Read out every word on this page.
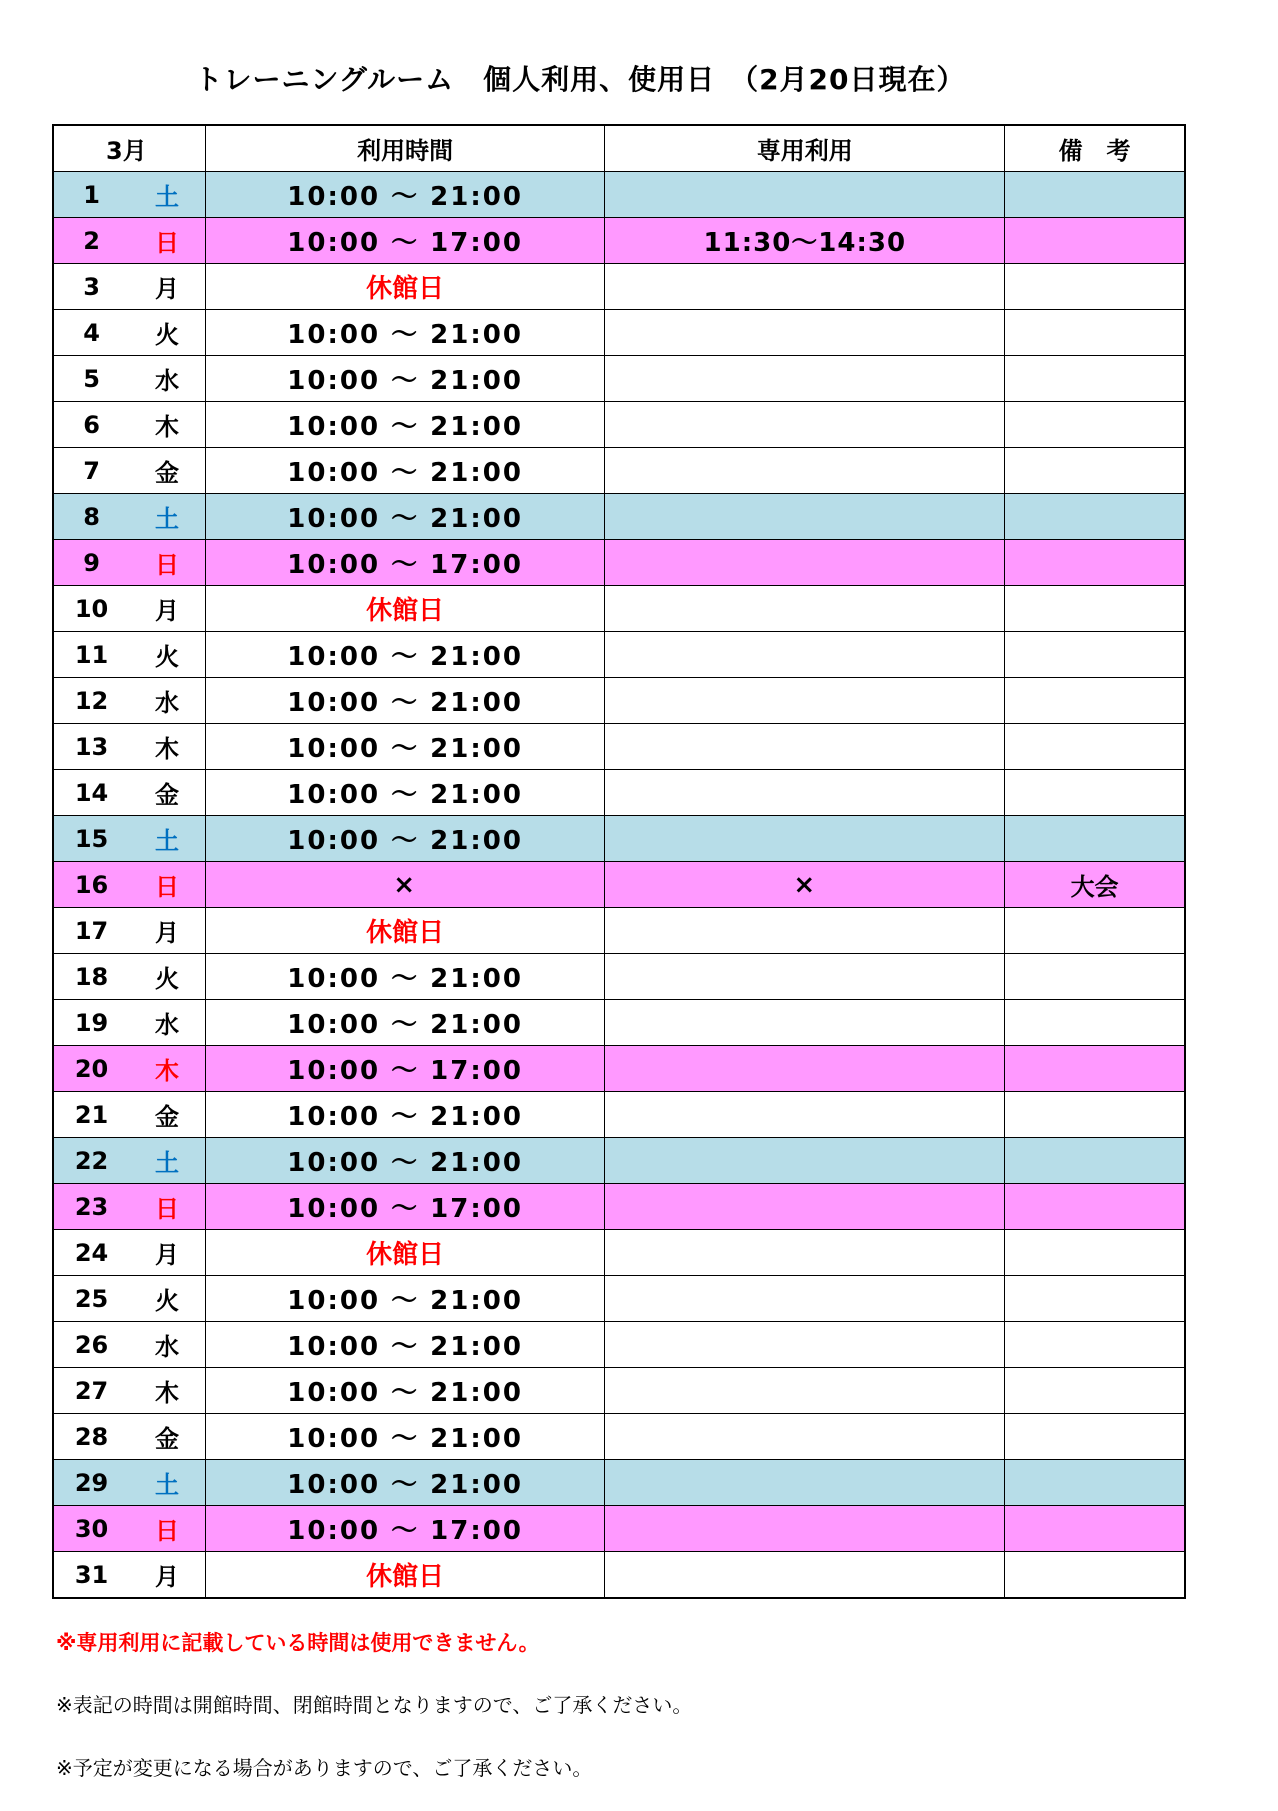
トレーニングルーム　個人利用、使用日　（2月20日現在）
3月		利用時間	専用利用	備　考
1	土	10:00 ～ 21:00		
2	日	10:00 ～ 17:00	11:30～14:30	
3	月	休館日		
4	火	10:00 ～ 21:00		
5	水	10:00 ～ 21:00		
6	木	10:00 ～ 21:00		
7	金	10:00 ～ 21:00		
8	土	10:00 ～ 21:00		
9	日	10:00 ～ 17:00		
10	月	休館日		
11	火	10:00 ～ 21:00		
12	水	10:00 ～ 21:00		
13	木	10:00 ～ 21:00		
14	金	10:00 ～ 21:00		
15	土	10:00 ～ 21:00		
16	日	×	×	大会
17	月	休館日		
18	火	10:00 ～ 21:00		
19	水	10:00 ～ 21:00		
20	木	10:00 ～ 17:00		
21	金	10:00 ～ 21:00		
22	土	10:00 ～ 21:00		
23	日	10:00 ～ 17:00		
24	月	休館日		
25	火	10:00 ～ 21:00		
26	水	10:00 ～ 21:00		
27	木	10:00 ～ 21:00		
28	金	10:00 ～ 21:00		
29	土	10:00 ～ 21:00		
30	日	10:00 ～ 17:00		
31	月	休館日		
※専用利用に記載している時間は使用できません。
※表記の時間は開館時間、閉館時間となりますので、ご了承ください。
※予定が変更になる場合がありますので、ご了承ください。
